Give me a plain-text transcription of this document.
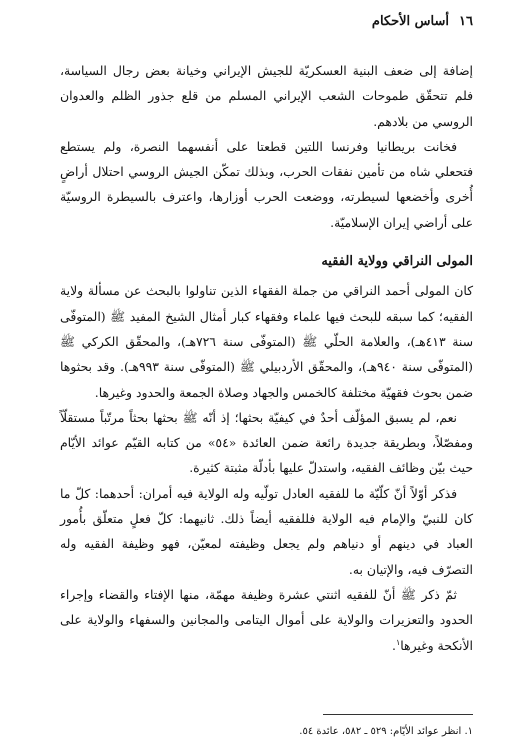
١٦أساس الأحكام

إضافة إلى ضعف البنية العسكريّة للجيش الإيراني وخيانة بعض رجال السياسة، فلم تتحقّق طموحات الشعب الإيراني المسلم من قلع جذور الظلم والعدوان الروسي من بلادهم.

فخانت بريطانيا وفرنسا اللتين قطعتا على أنفسهما النصرة، ولم يستطع فتحعلي شاه من تأمين نفقات الحرب، وبذلك تمكّن الجيش الروسي احتلال أراضٍ أُخرى وأخضعها لسيطرته، ووضعت الحرب أوزارها، واعترف بالسيطرة الروسيّة على أراضي إيران الإسلاميّة.

المولى النراقي وولاية الفقيه

كان المولى أحمد النراقي من جملة الفقهاء الذين تناولوا بالبحث عن مسألة ولاية الفقيه؛ كما سبقه للبحث فيها علماء وفقهاء كبار أمثال الشيخ المفيد ﷺ (المتوفّى سنة ٤١٣هـ)، والعلامة الحلّي ﷺ (المتوفّى سنة ٧٢٦هـ)، والمحقّق الكركي ﷺ (المتوفّى سنة ٩٤٠هـ)، والمحقّق الأردبيلي ﷺ (المتوفّى سنة ٩٩٣هـ). وقد بحثوها ضمن بحوث فقهيّة مختلفة كالخمس والجهاد وصلاة الجمعة والحدود وغيرها.

نعم، لم يسبق المؤلّف أحدٌ في كيفيّة بحثها؛ إذ أنّه ﷺ بحثها بحثاً مرتّباً مستقلّاً ومفصّلاً، وبطريقة جديدة رائعة ضمن العائدة «٥٤» من كتابه القيّم عوائد الأيّام حيث بيّن وظائف الفقيه، واستدلّ عليها بأدلّة مثبتة كثيرة.

فذكر أوّلاً أنّ كلّيّة ما للفقيه العادل تولّيه وله الولاية فيه أمران: أحدهما: كلّ ما كان للنبيّ والإمام فيه الولاية فللفقيه أيضاً ذلك. ثانيهما: كلّ فعلٍ متعلّق بأُمور العباد في دينهم أو دنياهم ولم يجعل وظيفته لمعيّن، فهو وظيفة الفقيه وله التصرّف فيه، والإتيان به.

ثمّ ذكر ﷺ أنّ للفقيه اثنتي عشرة وظيفة مهمّة، منها الإفتاء والقضاء وإجراء الحدود والتعزيرات والولاية على أموال اليتامى والمجانين والسفهاء والولاية على الأنكحة وغيرها$^١$.

١. انظر عوائد الأيّام: ٥٢٩ ـ ٥٨٢، عائدة ٥٤.
